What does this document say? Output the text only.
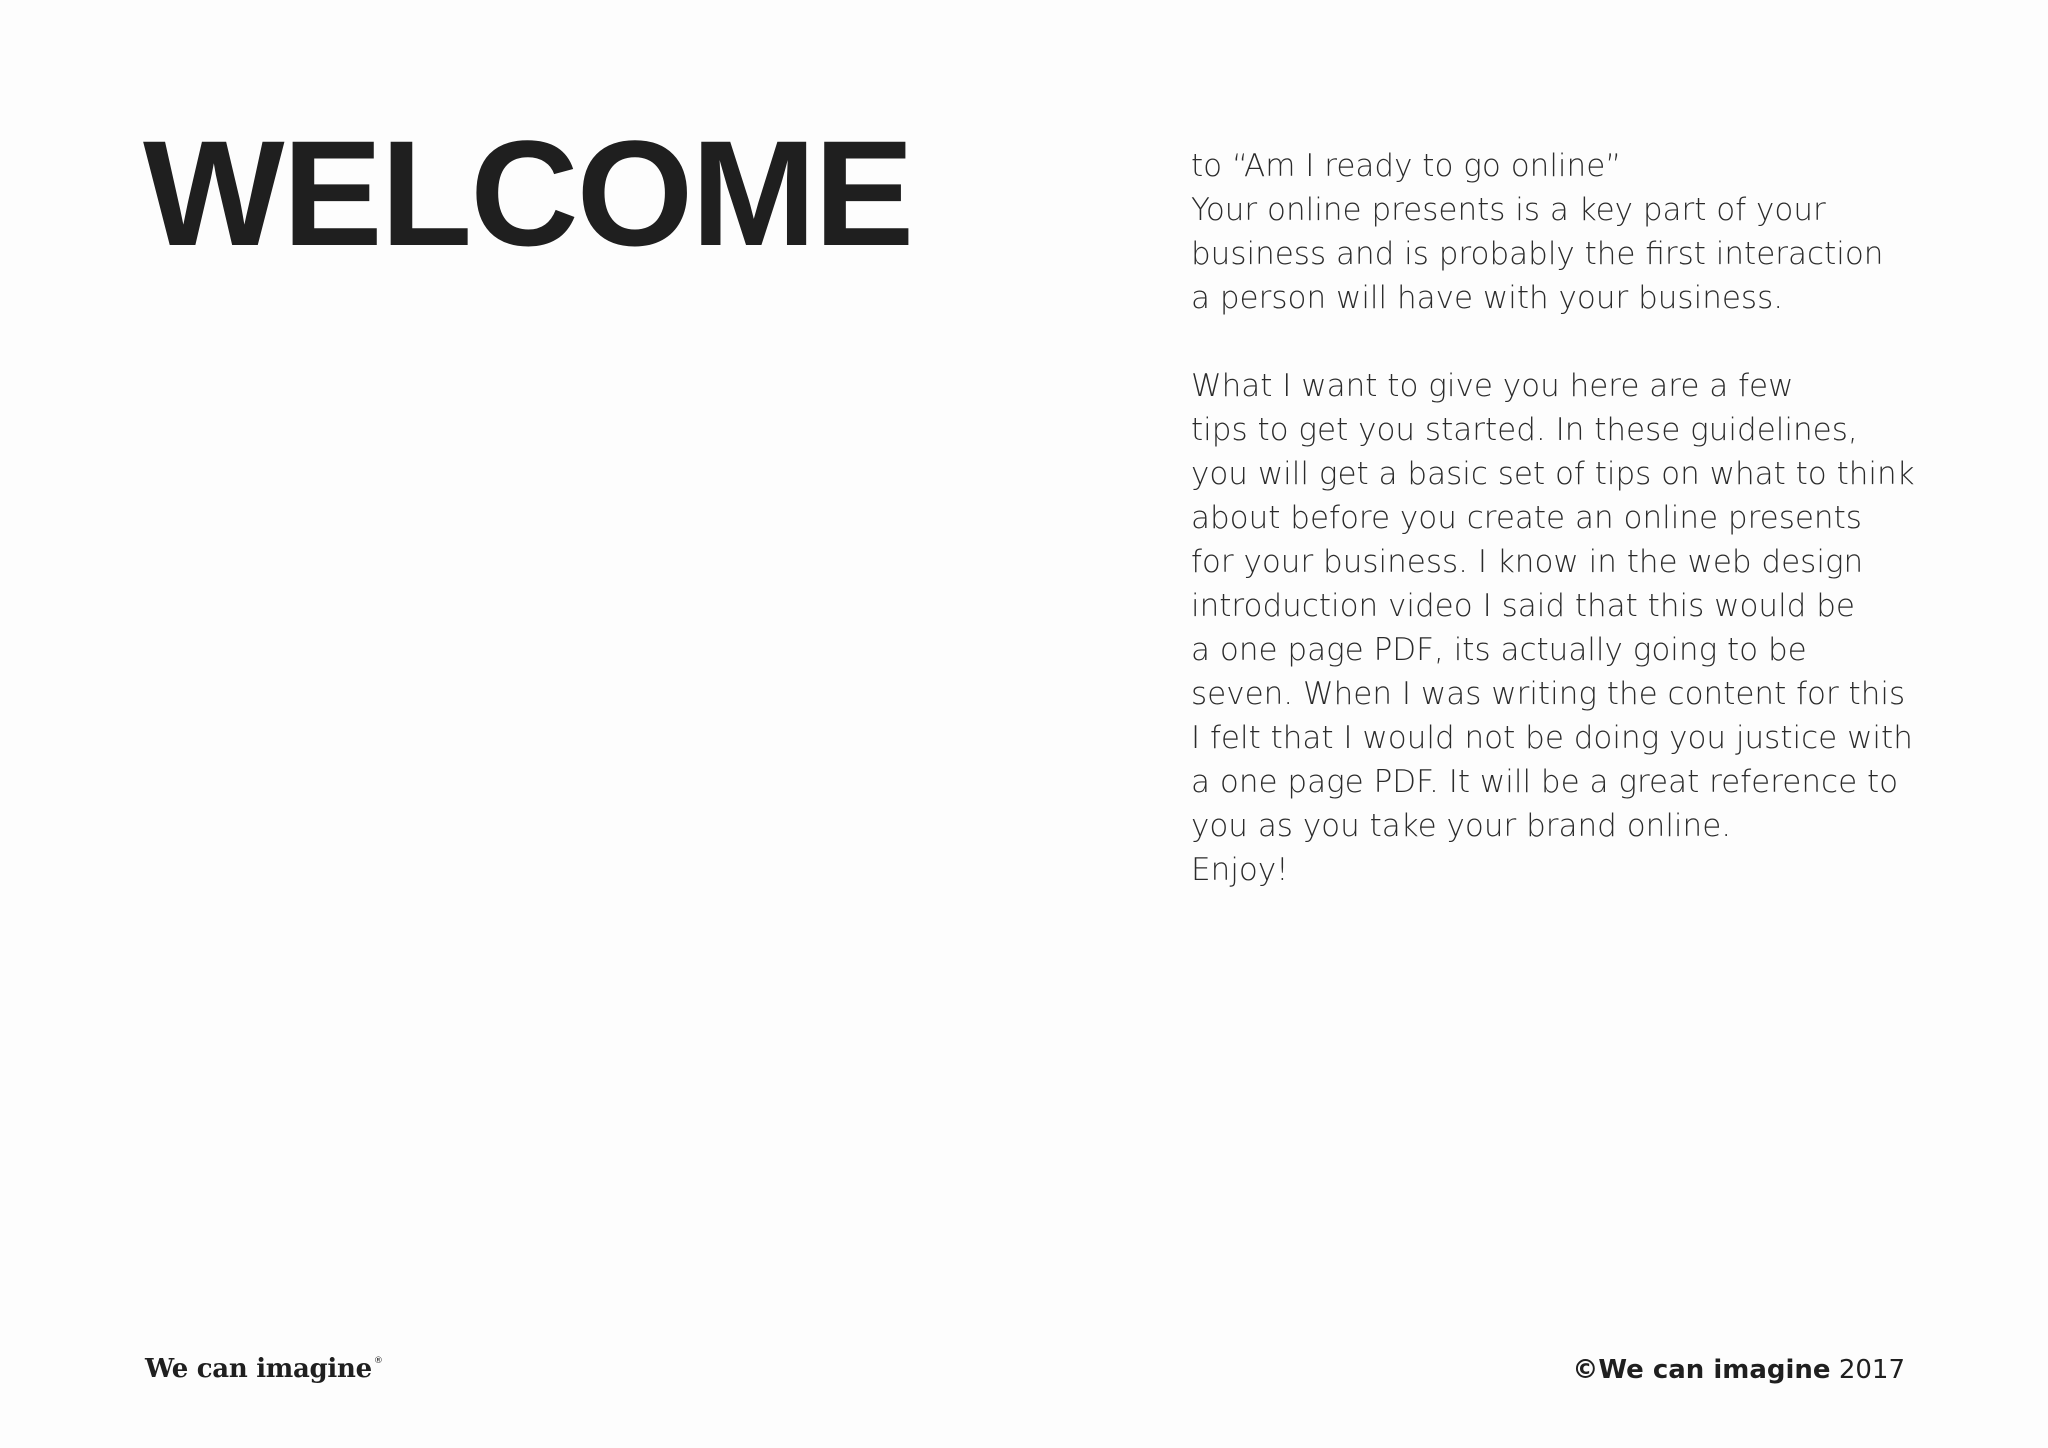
WELCOME	to “Am I ready to go online”
Your online presents is a key part of your
business and is probably the first interaction
a person will have with your business.

What I want to give you here are a few
tips to get you started. In these guidelines,
you will get a basic set of tips on what to think
about before you create an online presents
for your business. I know in the web design
introduction video I said that this would be
a one page PDF, its actually going to be
seven. When I was writing the content for this
I felt that I would not be doing you justice with
a one page PDF. It will be a great reference to
you as you take your brand online.
Enjoy!

We can imagine ®	©We can imagine 2017
